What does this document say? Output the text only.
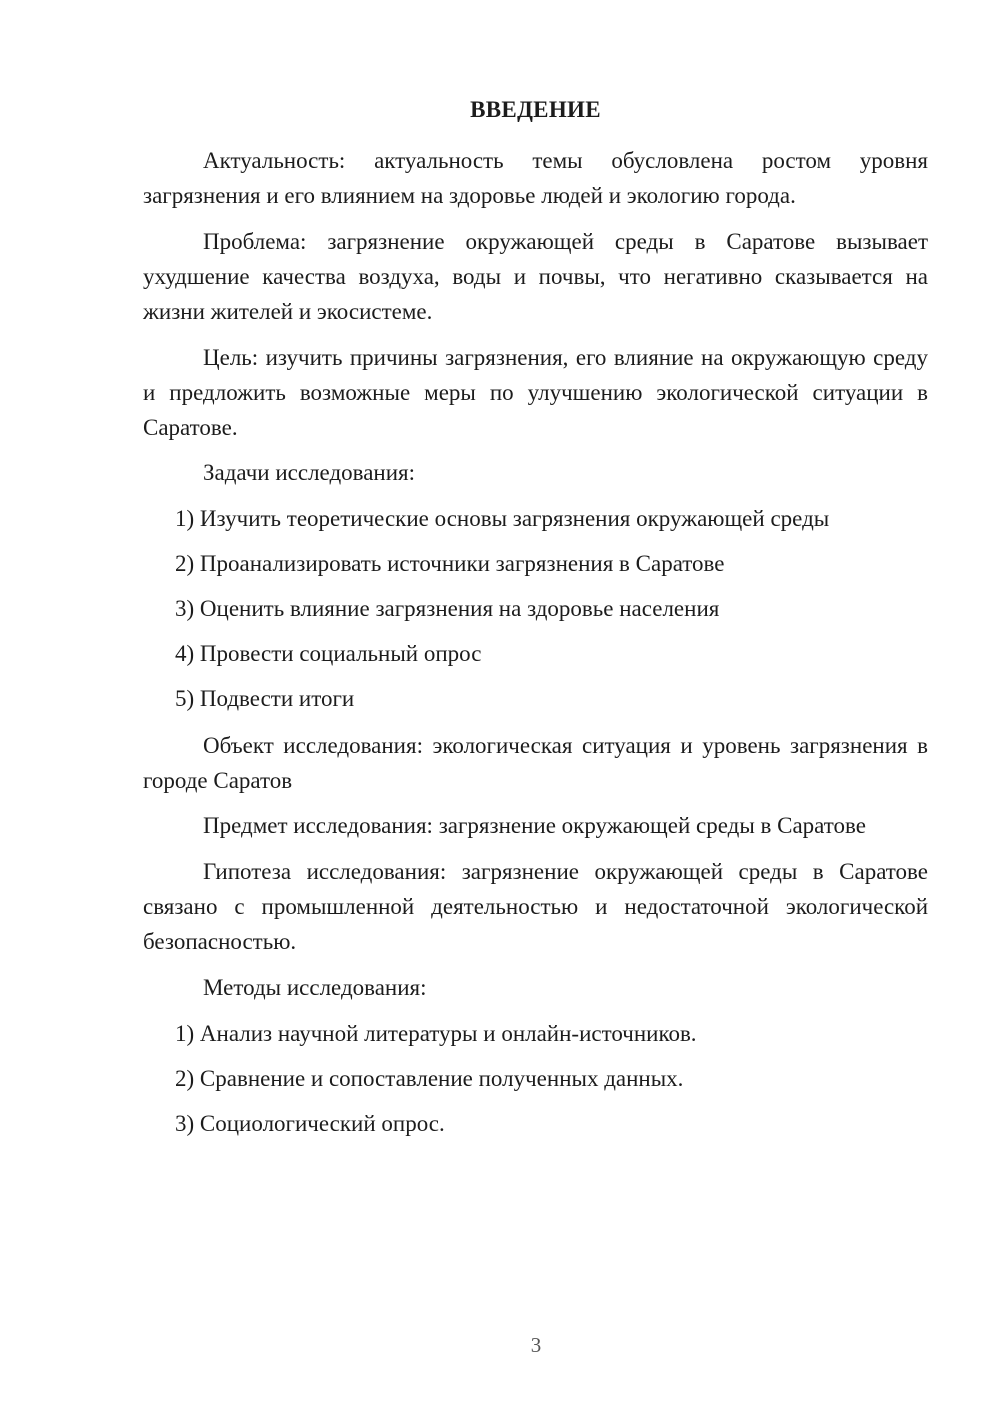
ВВЕДЕНИЕ
Актуальность: актуальность темы обусловлена ростом уровня загрязнения и его влиянием на здоровье людей и экологию города.
Проблема: загрязнение окружающей среды в Саратове вызывает ухудшение качества воздуха, воды и почвы, что негативно сказывается на жизни жителей и экосистеме.
Цель: изучить причины загрязнения, его влияние на окружающую среду и предложить возможные меры по улучшению экологической ситуации в Саратове.
Задачи исследования:
1) Изучить теоретические основы загрязнения окружающей среды
2) Проанализировать источники загрязнения в Саратове
3) Оценить влияние загрязнения на здоровье населения
4) Провести социальный опрос
5) Подвести итоги
Объект исследования: экологическая ситуация и уровень загрязнения в городе Саратов
Предмет исследования: загрязнение окружающей среды в Саратове
Гипотеза исследования: загрязнение окружающей среды в Саратове связано с промышленной деятельностью и недостаточной экологической безопасностью.
Методы исследования:
1) Анализ научной литературы и онлайн-источников.
2) Сравнение и сопоставление полученных данных.
3) Социологический опрос.
3
